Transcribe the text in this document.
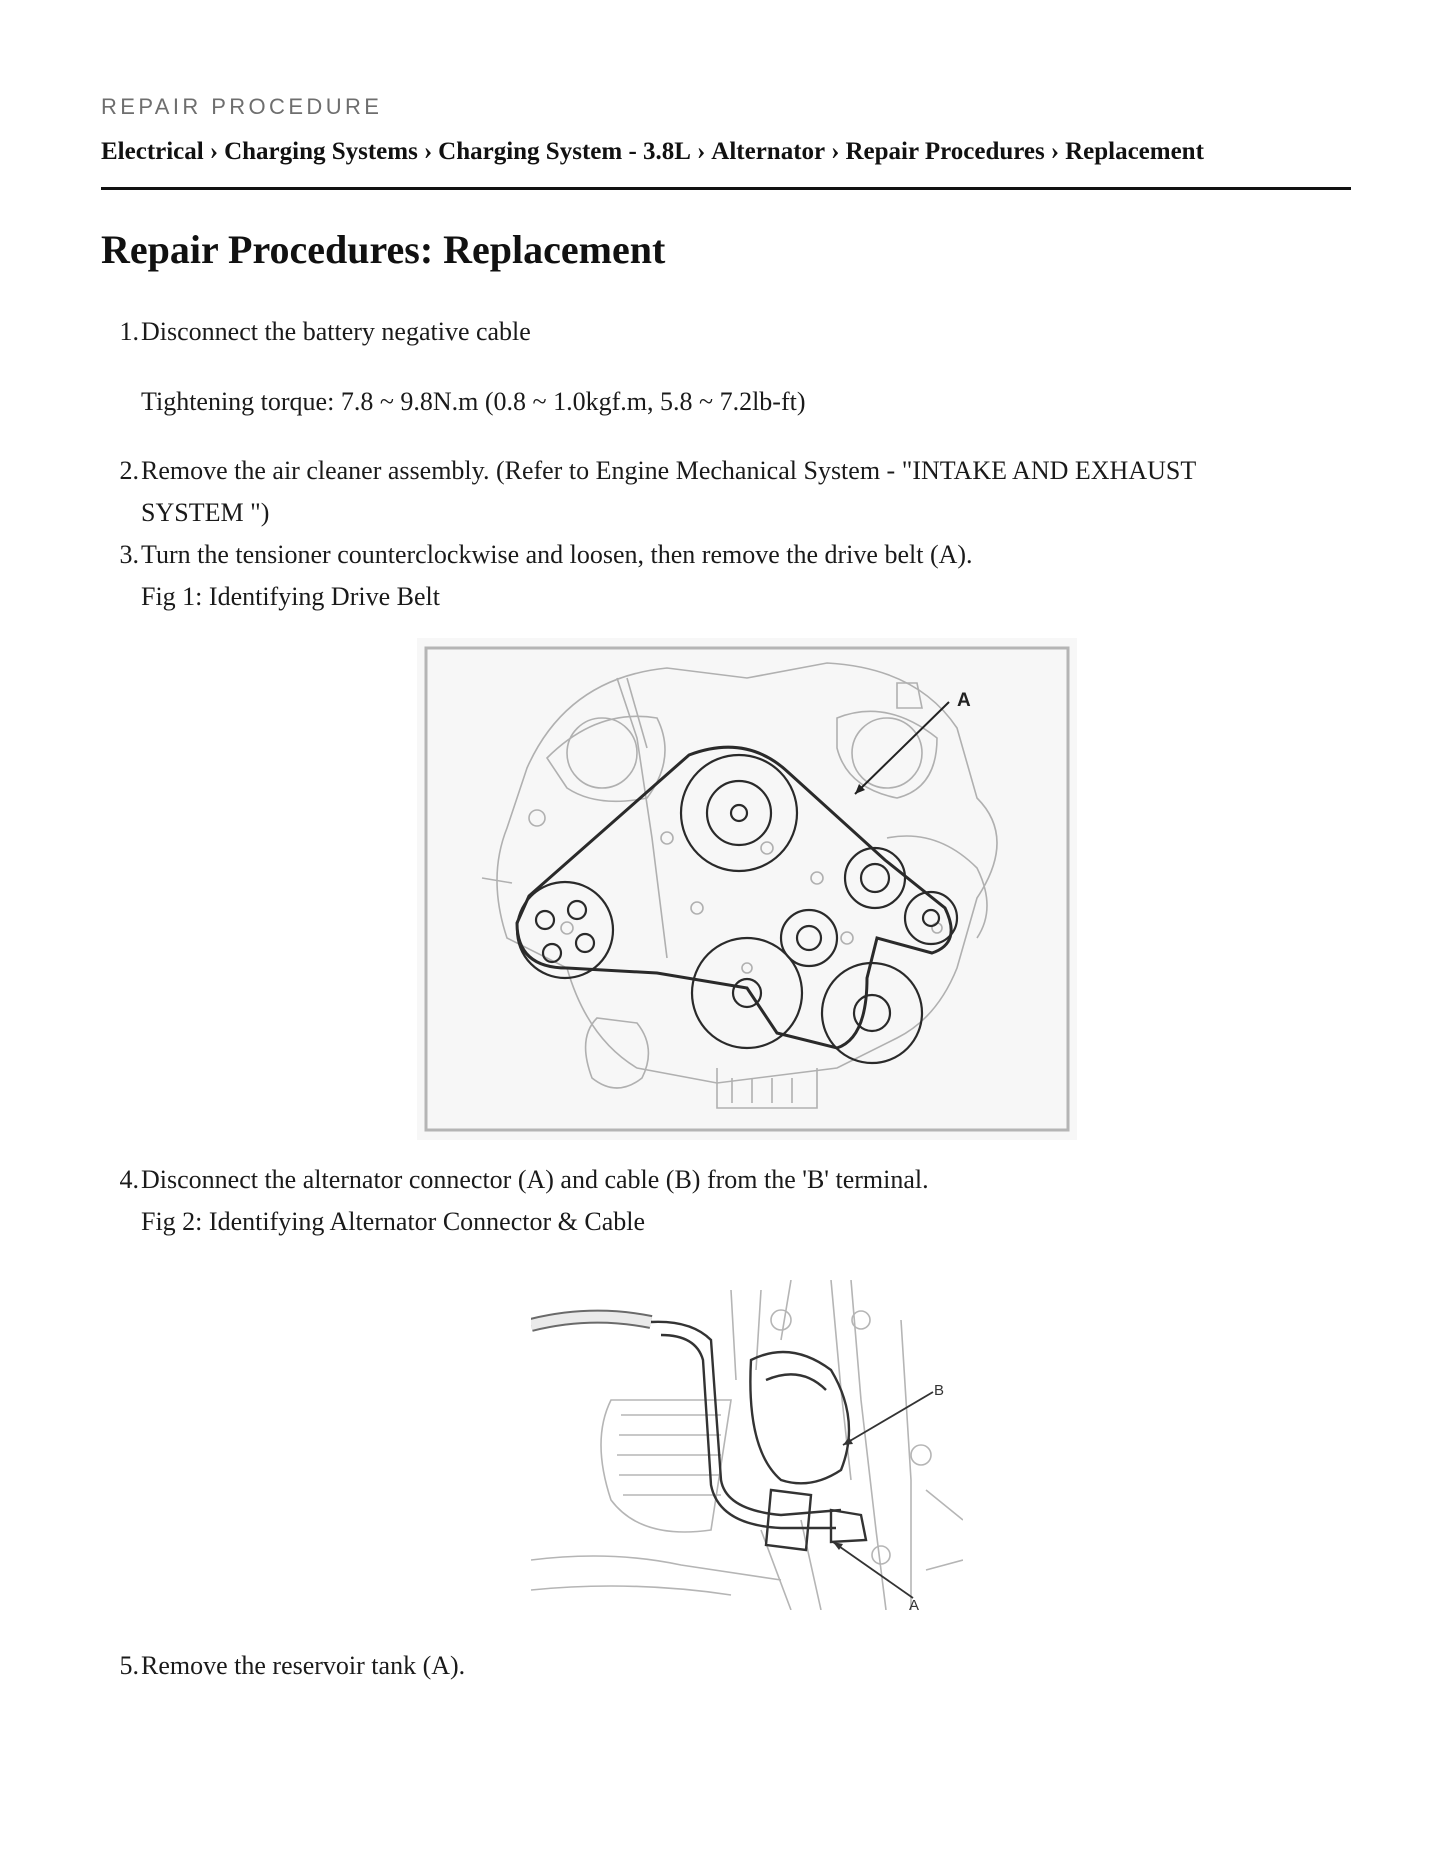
REPAIR PROCEDURE
Electrical › Charging Systems › Charging System - 3.8L › Alternator › Repair Procedures › Replacement
Repair Procedures: Replacement
1. Disconnect the battery negative cable
Tightening torque: 7.8 ~ 9.8N.m (0.8 ~ 1.0kgf.m, 5.8 ~ 7.2lb-ft)
2. Remove the air cleaner assembly. (Refer to Engine Mechanical System - "INTAKE AND EXHAUST SYSTEM ")
3. Turn the tensioner counterclockwise and loosen, then remove the drive belt (A).
Fig 1: Identifying Drive Belt
A
4. Disconnect the alternator connector (A) and cable (B) from the 'B' terminal.
Fig 2: Identifying Alternator Connector & Cable
B
A
5. Remove the reservoir tank (A).
